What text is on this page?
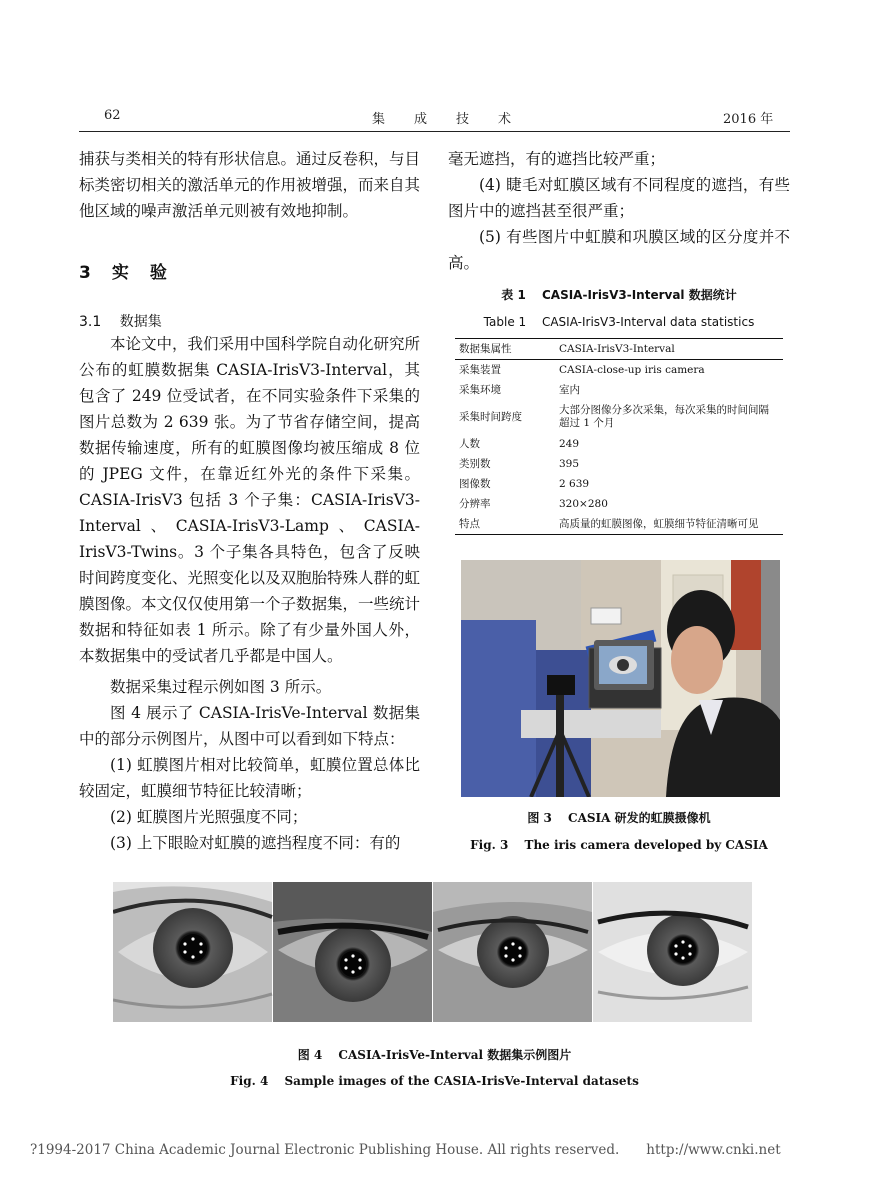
62	集　　成　　技　　术	2016 年

捕获与类相关的特有形状信息。通过反卷积，与目标类密切相关的激活单元的作用被增强，而来自其他区域的噪声激活单元则被有效地抑制。

3　实　验
3.1　 数据集

本论文中，我们采用中国科学院自动化研究所公布的虹膜数据集 CASIA-IrisV3-Interval，其包含了 249 位受试者，在不同实验条件下采集的图片总数为 2 639 张。为了节省存储空间，提高数据传输速度，所有的虹膜图像均被压缩成 8 位的 JPEG 文件，在靠近红外光的条件下采集。CASIA-IrisV3 包括 3 个子集：CASIA-IrisV3-Interval、CASIA-IrisV3-Lamp、CASIA-IrisV3-Twins。3 个子集各具特色，包含了反映时间跨度变化、光照变化以及双胞胎特殊人群的虹膜图像。本文仅仅使用第一个子数据集，一些统计数据和特征如表 1 所示。除了有少量外国人外，本数据集中的受试者几乎都是中国人。

数据采集过程示例如图 3 所示。

图 4 展示了 CASIA-IrisVe-Interval 数据集中的部分示例图片，从图中可以看到如下特点：

(1) 虹膜图片相对比较简单，虹膜位置总体比较固定，虹膜细节特征比较清晰；

(2) 虹膜图片光照强度不同；

(3) 上下眼睑对虹膜的遮挡程度不同：有的

毫无遮挡，有的遮挡比较严重；

(4) 睫毛对虹膜区域有不同程度的遮挡，有些图片中的遮挡甚至很严重；

(5) 有些图片中虹膜和巩膜区域的区分度并不高。

表 1　 CASIA-IrisV3-Interval 数据统计
Table 1　 CASIA-IrisV3-Interval data statistics
数据集属性	CASIA-IrisV3-Interval
采集装置	CASIA-close-up iris camera
采集环境	室内
采集时间跨度	大部分图像分多次采集，每次采集的时间间隔超过 1 个月
人数	249
类别数	395
图像数	2 639
分辨率	320×280
特点	高质量的虹膜图像，虹膜细节特征清晰可见
图 3　 CASIA 研发的虹膜摄像机
Fig. 3　 The iris camera developed by CASIA
图 4　 CASIA-IrisVe-Interval 数据集示例图片
Fig. 4　 Sample images of the CASIA-IrisVe-Interval datasets
?1994-2017 China Academic Journal Electronic Publishing House. All rights reserved.　　http://www.cnki.net
